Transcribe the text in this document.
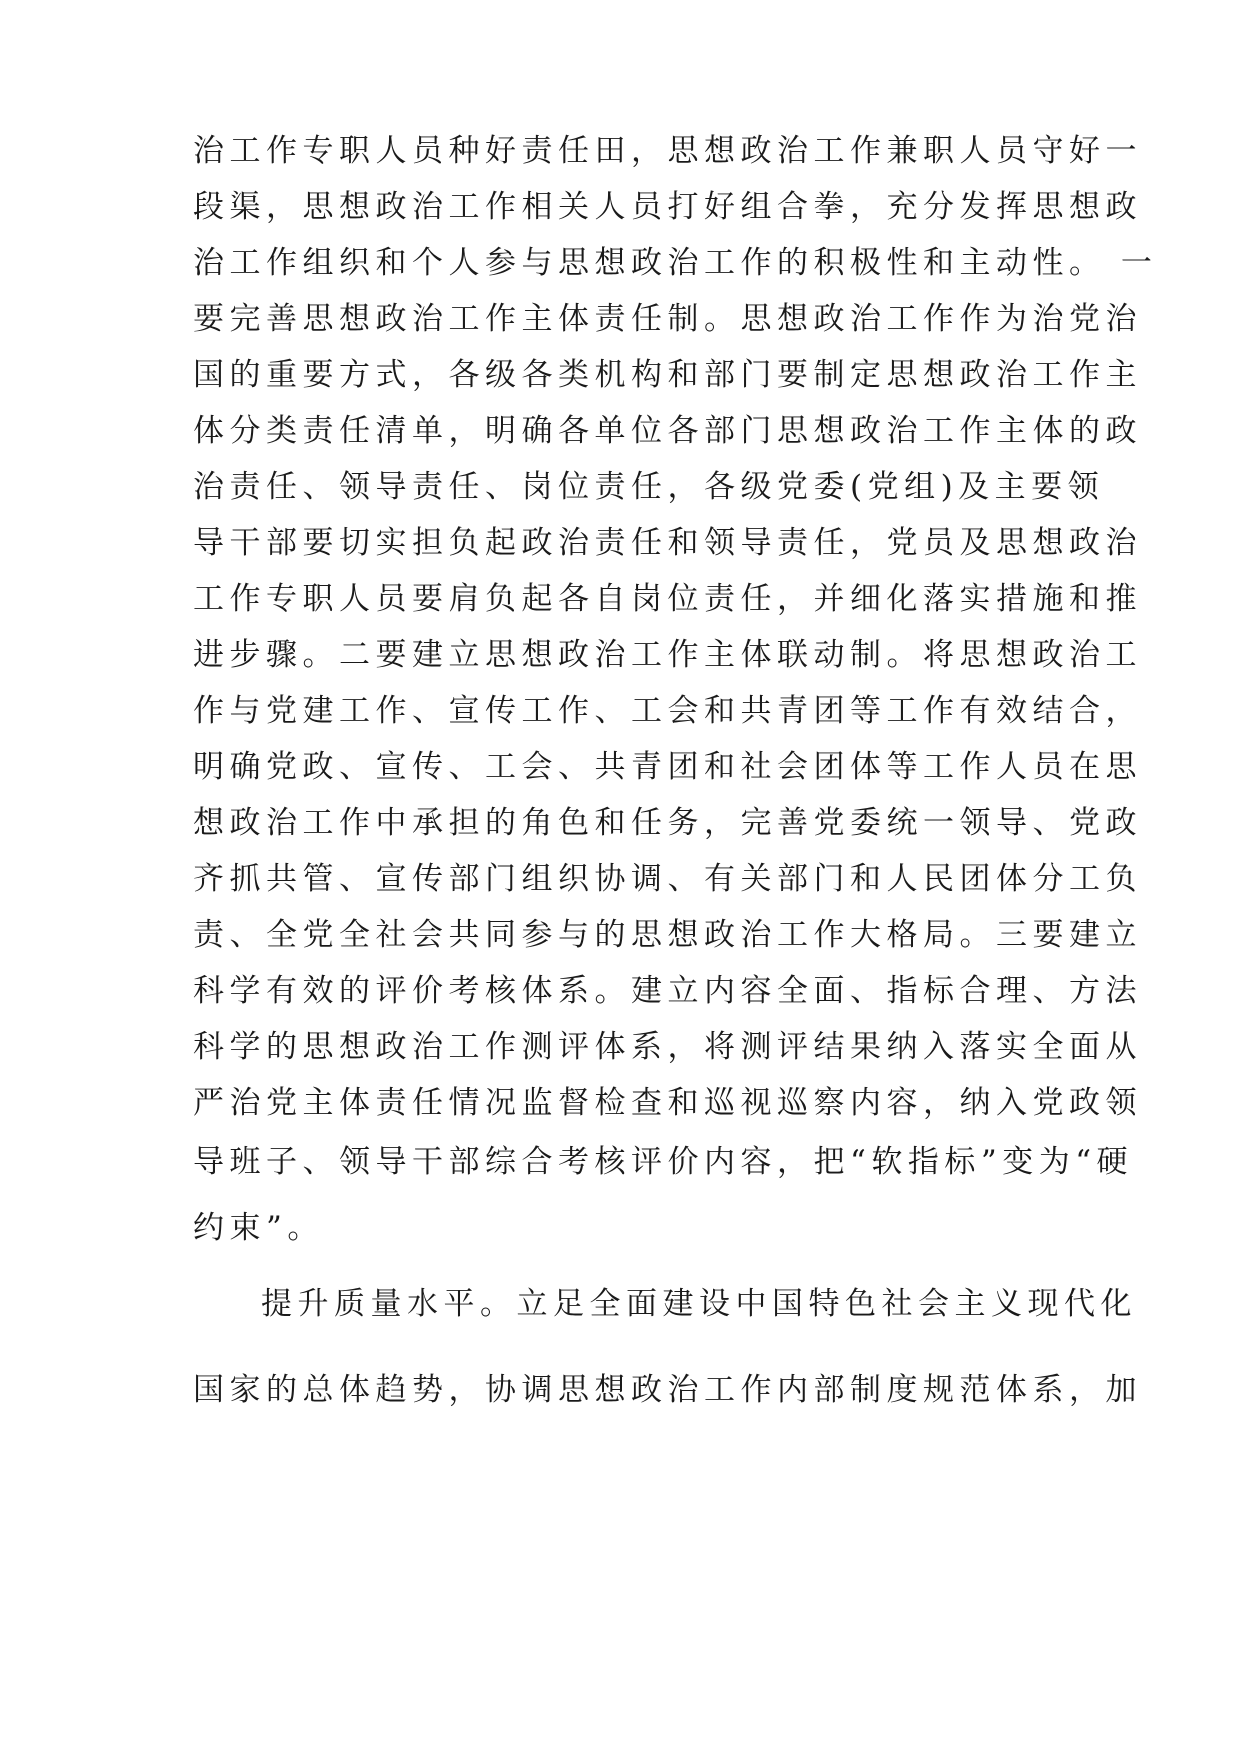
治工作专职人员种好责任田，思想政治工作兼职人员守好一
段渠，思想政治工作相关人员打好组合拳，充分发挥思想政
治工作组织和个人参与思想政治工作的积极性和主动性。 一
要完善思想政治工作主体责任制。思想政治工作作为治党治
国的重要方式，各级各类机构和部门要制定思想政治工作主
体分类责任清单，明确各单位各部门思想政治工作主体的政
治责任、领导责任、岗位责任，各级党委(党组)及主要领
导干部要切实担负起政治责任和领导责任，党员及思想政治
工作专职人员要肩负起各自岗位责任，并细化落实措施和推
进步骤。二要建立思想政治工作主体联动制。将思想政治工
作与党建工作、宣传工作、工会和共青团等工作有效结合，
明确党政、宣传、工会、共青团和社会团体等工作人员在思
想政治工作中承担的角色和任务，完善党委统一领导、党政
齐抓共管、宣传部门组织协调、有关部门和人民团体分工负
责、全党全社会共同参与的思想政治工作大格局。三要建立
科学有效的评价考核体系。建立内容全面、指标合理、方法
科学的思想政治工作测评体系，将测评结果纳入落实全面从
严治党主体责任情况监督检查和巡视巡察内容，纳入党政领
导班子、领导干部综合考核评价内容，把“软指标”变为“硬
约束”。
提升质量水平。立足全面建设中国特色社会主义现代化
国家的总体趋势，协调思想政治工作内部制度规范体系，加
